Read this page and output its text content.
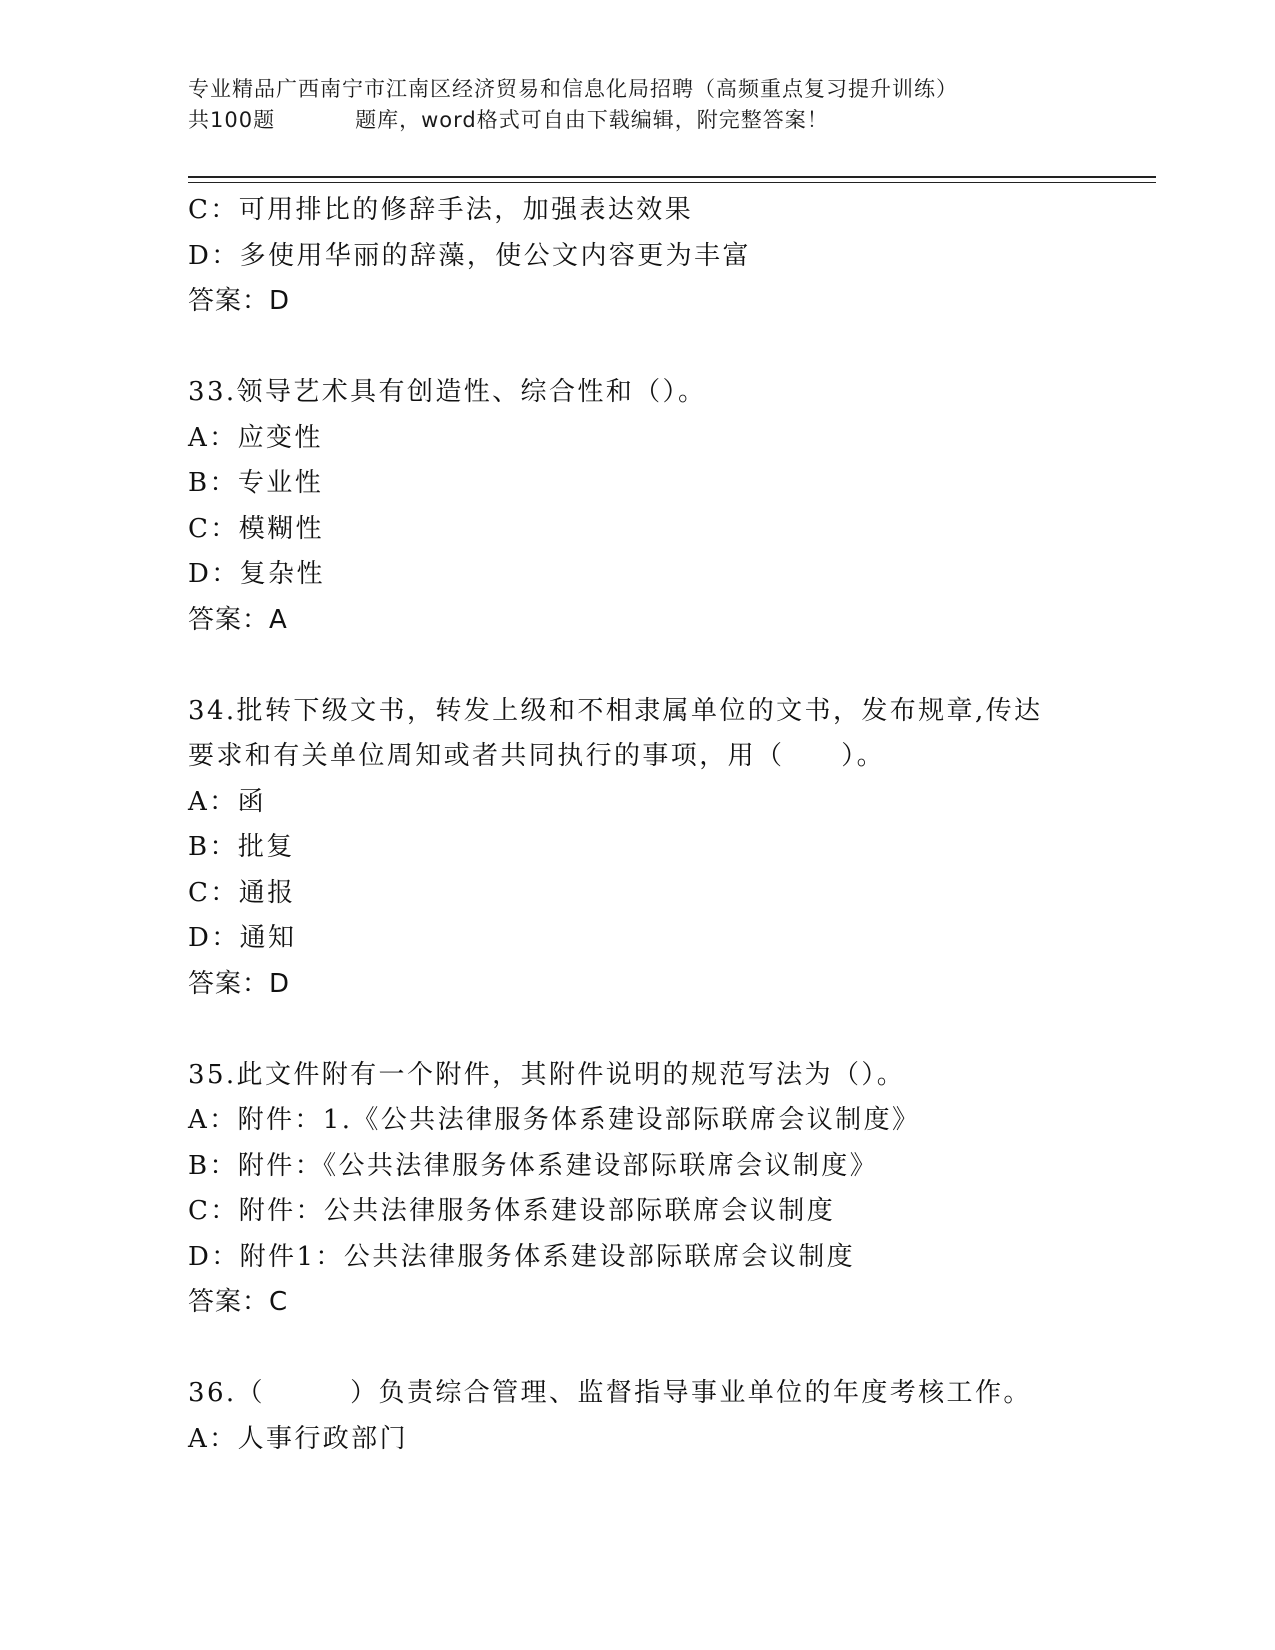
专业精品广西南宁市江南区经济贸易和信息化局招聘（高频重点复习提升训练）
共100题	题库，word格式可自由下载编辑，附完整答案！
C：可用排比的修辞手法，加强表达效果
D：多使用华丽的辞藻，使公文内容更为丰富
答案：D
33.领导艺术具有创造性、综合性和（）。
A：应变性
B：专业性
C：模糊性
D：复杂性
答案：A
34.批转下级文书，转发上级和不相隶属单位的文书，发布规章,传达
要求和有关单位周知或者共同执行的事项，用（　　）。
A：函
B：批复
C：通报
D：通知
答案：D
35.此文件附有一个附件，其附件说明的规范写法为（）。
A：附件：1.《公共法律服务体系建设部际联席会议制度》
B：附件：《公共法律服务体系建设部际联席会议制度》
C：附件：公共法律服务体系建设部际联席会议制度
D：附件1：公共法律服务体系建设部际联席会议制度
答案：C
36.（　　　）负责综合管理、监督指导事业单位的年度考核工作。
A：人事行政部门
